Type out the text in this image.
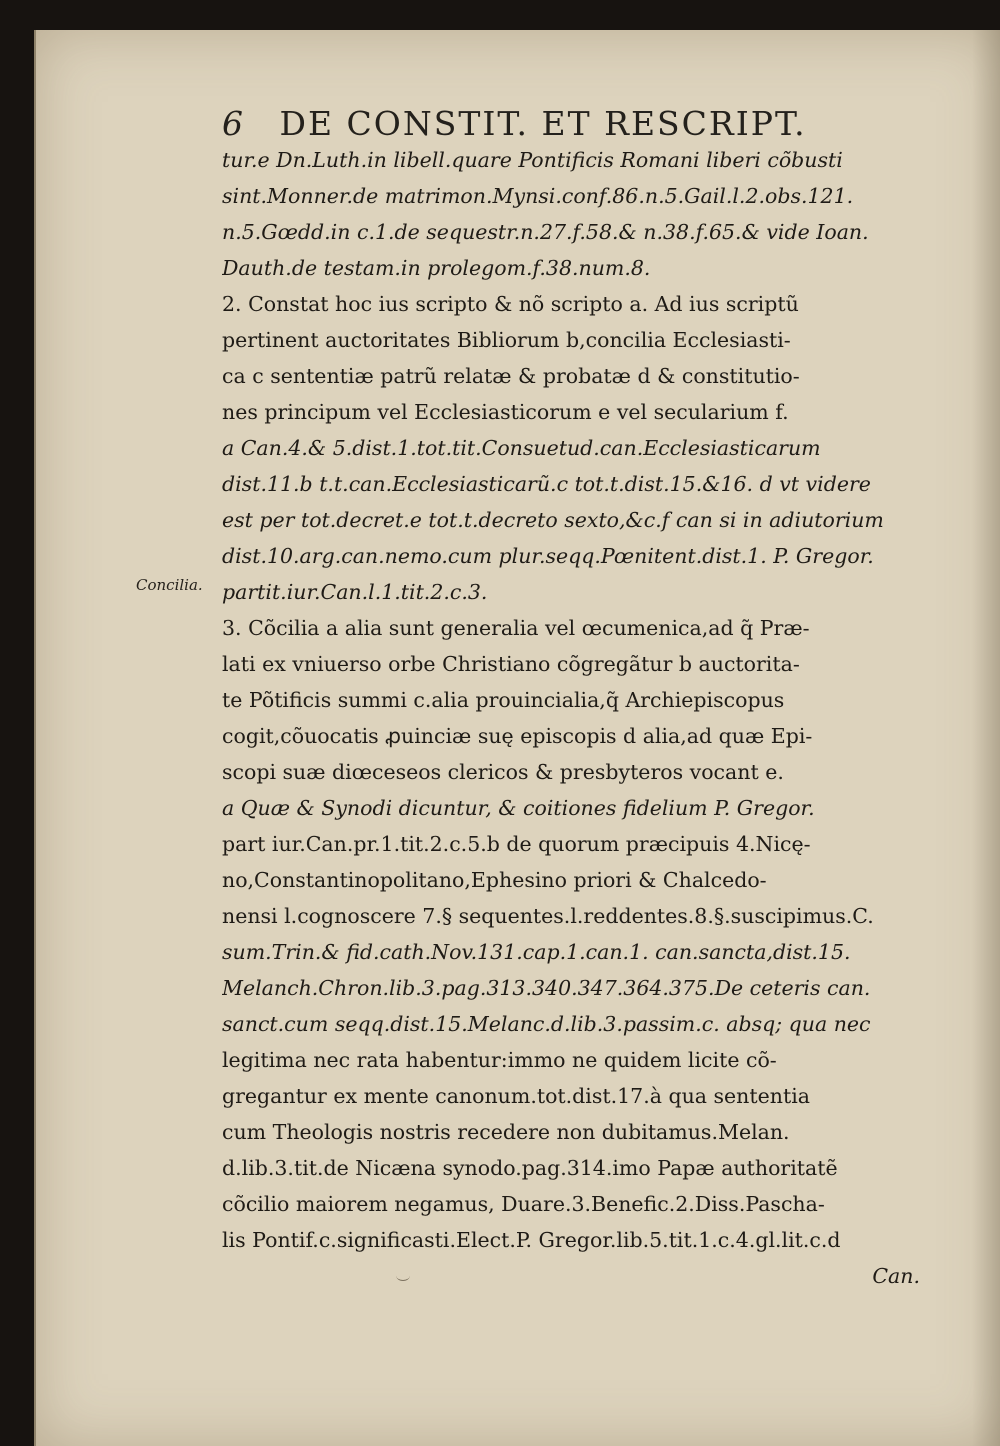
6 DE CONSTIT. ET RESCRIPT.
Concilia.
tur.e Dn.Luth.in libell.quare Pontificis Romani liberi cõbusti
sint.Monner.de matrimon.Mynsi.conf.86.n.5.Gail.l.2.obs.121.
n.5.Gœdd.in c.1.de sequestr.n.27.f.58.& n.38.f.65.& vide Ioan.
Dauth.de testam.in prolegom.f.38.num.8.
2. Constat hoc ius scripto & nõ scripto a. Ad ius scriptũ
pertinent auctoritates Bibliorum b,concilia Ecclesiasti-
ca c sententiæ patrũ relatæ & probatæ d & constitutio-
nes principum vel Ecclesiasticorum e vel secularium f.
a Can.4.& 5.dist.1.tot.tit.Consuetud.can.Ecclesiasticarum
dist.11.b t.t.can.Ecclesiasticarũ.c tot.t.dist.15.&16. d vt videre
est per tot.decret.e tot.t.decreto sexto,&c.f can si in adiutorium
dist.10.arg.can.nemo.cum plur.seqq.Pœnitent.dist.1. P. Gregor.
partit.iur.Can.l.1.tit.2.c.3.
3. Cõcilia a alia sunt generalia vel œcumenica,ad q̃ Præ-
lati ex vniuerso orbe Christiano cõgregãtur b auctorita-
te Põtificis summi c.alia prouincialia,q̃ Archiepiscopus
cogit,cõuocatis ꝓuinciæ suę episcopis d alia,ad quæ Epi-
scopi suæ diœceseos clericos & presbyteros vocant e.
a Quæ & Synodi dicuntur, & coitiones fidelium P. Gregor.
part iur.Can.pr.1.tit.2.c.5.b de quorum præcipuis 4.Nicę-
no,Constantinopolitano,Ephesino priori & Chalcedo-
nensi l.cognoscere 7.§ sequentes.l.reddentes.8.§.suscipimus.C.
sum.Trin.& fid.cath.Nov.131.cap.1.can.1. can.sancta,dist.15.
Melanch.Chron.lib.3.pag.313.340.347.364.375.De ceteris can.
sanct.cum seqq.dist.15.Melanc.d.lib.3.passim.c. absq; qua nec
legitima nec rata habentur:immo ne quidem licite cõ-
gregantur ex mente canonum.tot.dist.17.à qua sententia
cum Theologis nostris recedere non dubitamus.Melan.
d.lib.3.tit.de Nicæna synodo.pag.314.imo Papæ authoritatẽ
cõcilio maiorem negamus, Duare.3.Benefic.2.Diss.Pascha-
lis Pontif.c.significasti.Elect.P. Gregor.lib.5.tit.1.c.4.gl.lit.c.d
Can.
